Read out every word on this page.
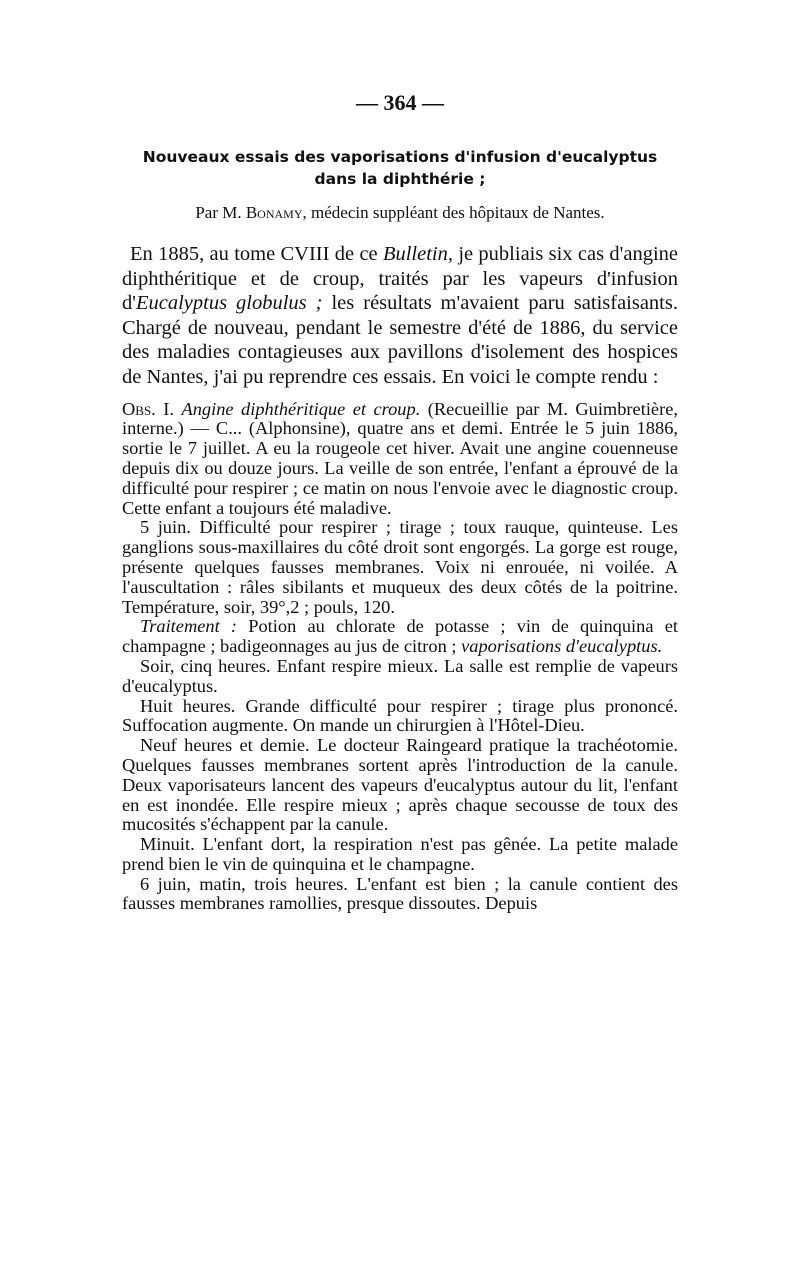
— 364 —
Nouveaux essais des vaporisations d'infusion d'eucalyptus dans la diphthérie ;
Par M. Bonamy, médecin suppléant des hôpitaux de Nantes.

En 1885, au tome CVIII de ce Bulletin, je publiais six cas d'angine diphthéritique et de croup, traités par les vapeurs d'infusion d'Eucalyptus globulus ; les résultats m'avaient paru satisfaisants. Chargé de nouveau, pendant le semestre d'été de 1886, du service des maladies contagieuses aux pavillons d'isolement des hospices de Nantes, j'ai pu reprendre ces essais. En voici le compte rendu :

Obs. I. Angine diphthéritique et croup. (Recueillie par M. Guimbretière, interne.) — C... (Alphonsine), quatre ans et demi. Entrée le 5 juin 1886, sortie le 7 juillet. A eu la rougeole cet hiver. Avait une angine couenneuse depuis dix ou douze jours. La veille de son entrée, l'enfant a éprouvé de la difficulté pour respirer ; ce matin on nous l'envoie avec le diagnostic croup. Cette enfant a toujours été maladive.

5 juin. Difficulté pour respirer ; tirage ; toux rauque, quinteuse. Les ganglions sous-maxillaires du côté droit sont engorgés. La gorge est rouge, présente quelques fausses membranes. Voix ni enrouée, ni voilée. A l'auscultation : râles sibilants et muqueux des deux côtés de la poitrine. Température, soir, 39°,2 ; pouls, 120.

Traitement : Potion au chlorate de potasse ; vin de quinquina et champagne ; badigeonnages au jus de citron ; vaporisations d'eucalyptus.

Soir, cinq heures. Enfant respire mieux. La salle est remplie de vapeurs d'eucalyptus.

Huit heures. Grande difficulté pour respirer ; tirage plus prononcé. Suffocation augmente. On mande un chirurgien à l'Hôtel-Dieu.

Neuf heures et demie. Le docteur Raingeard pratique la trachéotomie. Quelques fausses membranes sortent après l'introduction de la canule. Deux vaporisateurs lancent des vapeurs d'eucalyptus autour du lit, l'enfant en est inondée. Elle respire mieux ; après chaque secousse de toux des mucosités s'échappent par la canule.

Minuit. L'enfant dort, la respiration n'est pas gênée. La petite malade prend bien le vin de quinquina et le champagne.

6 juin, matin, trois heures. L'enfant est bien ; la canule contient des fausses membranes ramollies, presque dissoutes. Depuis
